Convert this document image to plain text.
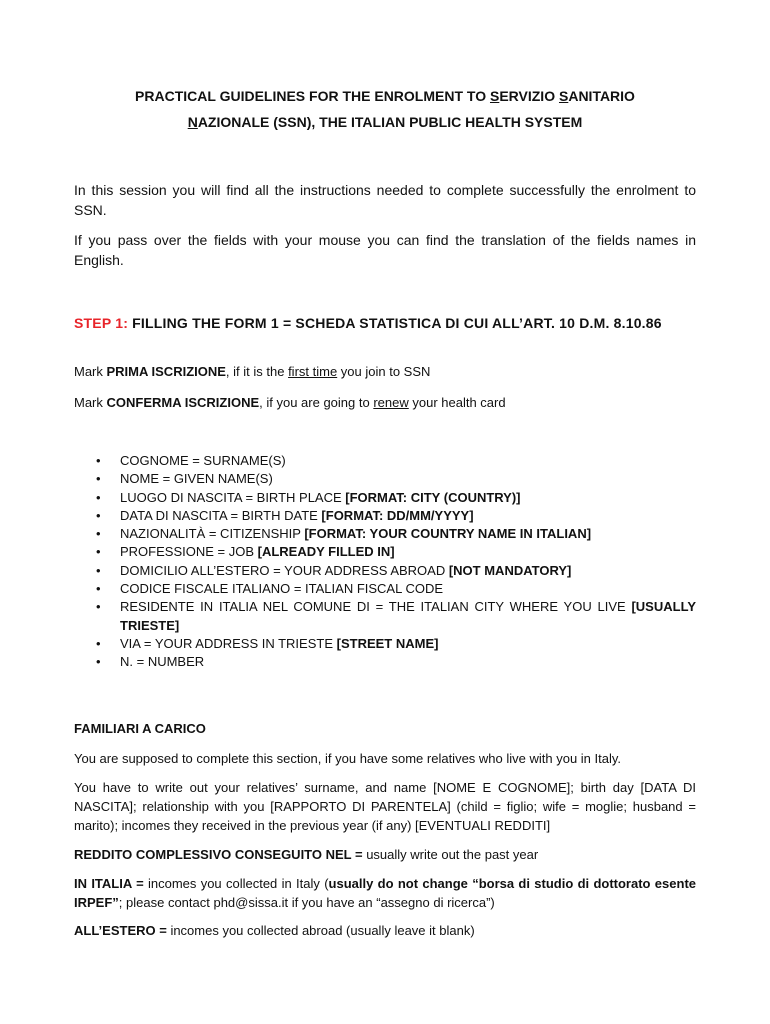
PRACTICAL GUIDELINES FOR THE ENROLMENT TO SERVIZIO SANITARIO
NAZIONALE (SSN), THE ITALIAN PUBLIC HEALTH SYSTEM
In this session you will find all the instructions needed to complete successfully the enrolment to SSN.
If you pass over the fields with your mouse you can find the translation of the fields names in English.
STEP 1: FILLING THE FORM 1 = SCHEDA STATISTICA DI CUI ALL’ART. 10 D.M. 8.10.86
Mark PRIMA ISCRIZIONE, if it is the first time you join to SSN
Mark CONFERMA ISCRIZIONE, if you are going to renew your health card
• COGNOME = SURNAME(S)
• NOME = GIVEN NAME(S)
• LUOGO DI NASCITA = BIRTH PLACE [FORMAT: CITY (COUNTRY)]
• DATA DI NASCITA = BIRTH DATE [FORMAT: DD/MM/YYYY]
• NAZIONALITÀ = CITIZENSHIP [FORMAT: YOUR COUNTRY NAME IN ITALIAN]
• PROFESSIONE = JOB [ALREADY FILLED IN]
• DOMICILIO ALL’ESTERO = YOUR ADDRESS ABROAD [NOT MANDATORY]
• CODICE FISCALE ITALIANO = ITALIAN FISCAL CODE
• RESIDENTE IN ITALIA NEL COMUNE DI = THE ITALIAN CITY WHERE YOU LIVE [USUALLY TRIESTE]
• VIA = YOUR ADDRESS IN TRIESTE [STREET NAME]
• N. = NUMBER
FAMILIARI A CARICO
You are supposed to complete this section, if you have some relatives who live with you in Italy.
You have to write out your relatives’ surname, and name [NOME E COGNOME]; birth day [DATA DI NASCITA]; relationship with you [RAPPORTO DI PARENTELA] (child = figlio; wife = moglie; husband = marito); incomes they received in the previous year (if any) [EVENTUALI REDDITI]
REDDITO COMPLESSIVO CONSEGUITO NEL = usually write out the past year
IN ITALIA = incomes you collected in Italy (usually do not change “borsa di studio di dottorato esente IRPEF”; please contact phd@sissa.it if you have an “assegno di ricerca”)
ALL’ESTERO = incomes you collected abroad (usually leave it blank)
